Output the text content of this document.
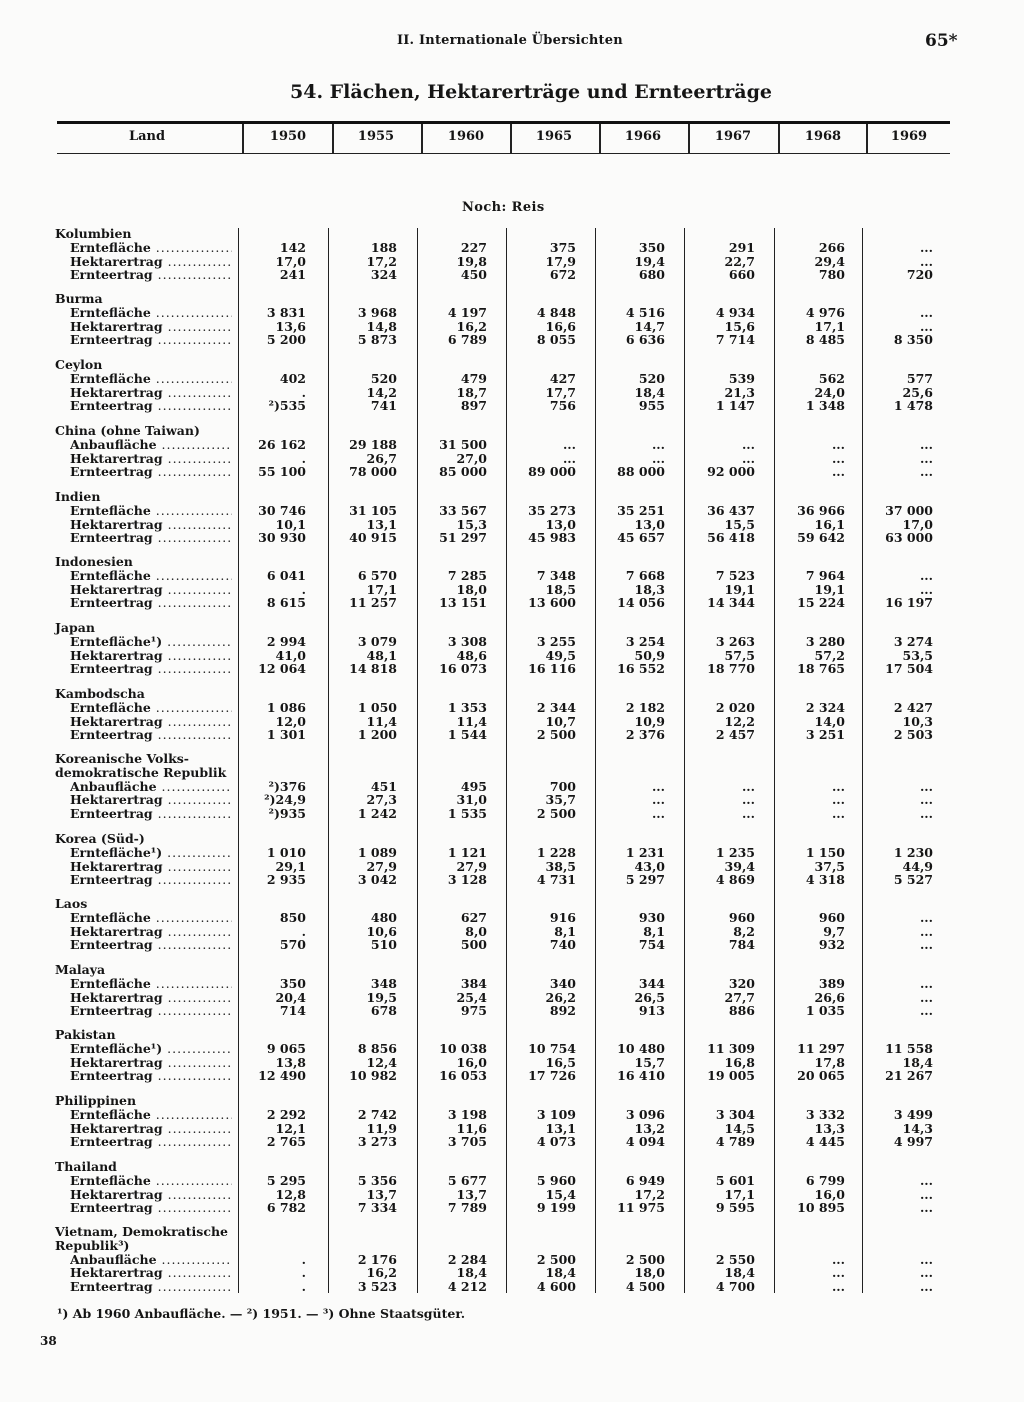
II. Internationale Übersichten	65*
54. Flächen, Hektarerträge und Ernteerträge
Land	1950	1955	1960	1965	1966	1967	1968	1969
Noch: Reis
Kolumbien
Erntefläche .....	142	188	227	375	350	291	266	...
Hektarertrag .....	17,0	17,2	19,8	17,9	19,4	22,7	29,4	...
Ernteertrag .....	241	324	450	672	680	660	780	720
Burma
Erntefläche .....	3 831	3 968	4 197	4 848	4 516	4 934	4 976	...
Hektarertrag .....	13,6	14,8	16,2	16,6	14,7	15,6	17,1	...
Ernteertrag .....	5 200	5 873	6 789	8 055	6 636	7 714	8 485	8 350
Ceylon
Erntefläche .....	402	520	479	427	520	539	562	577
Hektarertrag .....	.	14,2	18,7	17,7	18,4	21,3	24,0	25,6
Ernteertrag .....	²)535	741	897	756	955	1 147	1 348	1 478
China (ohne Taiwan)
Anbaufläche .....	26 162	29 188	31 500	...	...	...	...	...
Hektarertrag .....	.	26,7	27,0	...	...	...	...	...
Ernteertrag .....	55 100	78 000	85 000	89 000	88 000	92 000	...	...
Indien
Erntefläche .....	30 746	31 105	33 567	35 273	35 251	36 437	36 966	37 000
Hektarertrag .....	10,1	13,1	15,3	13,0	13,0	15,5	16,1	17,0
Ernteertrag .....	30 930	40 915	51 297	45 983	45 657	56 418	59 642	63 000
Indonesien
Erntefläche .....	6 041	6 570	7 285	7 348	7 668	7 523	7 964	...
Hektarertrag .....	.	17,1	18,0	18,5	18,3	19,1	19,1	...
Ernteertrag .....	8 615	11 257	13 151	13 600	14 056	14 344	15 224	16 197
Japan
Erntefläche¹) .....	2 994	3 079	3 308	3 255	3 254	3 263	3 280	3 274
Hektarertrag .....	41,0	48,1	48,6	49,5	50,9	57,5	57,2	53,5
Ernteertrag .....	12 064	14 818	16 073	16 116	16 552	18 770	18 765	17 504
Kambodscha
Erntefläche .....	1 086	1 050	1 353	2 344	2 182	2 020	2 324	2 427
Hektarertrag .....	12,0	11,4	11,4	10,7	10,9	12,2	14,0	10,3
Ernteertrag .....	1 301	1 200	1 544	2 500	2 376	2 457	3 251	2 503
Koreanische Volks-
demokratische Republik
Anbaufläche .....	²)376	451	495	700	...	...	...	...
Hektarertrag .....	²)24,9	27,3	31,0	35,7	...	...	...	...
Ernteertrag .....	²)935	1 242	1 535	2 500	...	...	...	...
Korea (Süd-)
Erntefläche¹) .....	1 010	1 089	1 121	1 228	1 231	1 235	1 150	1 230
Hektarertrag .....	29,1	27,9	27,9	38,5	43,0	39,4	37,5	44,9
Ernteertrag .....	2 935	3 042	3 128	4 731	5 297	4 869	4 318	5 527
Laos
Erntefläche .....	850	480	627	916	930	960	960	...
Hektarertrag .....	.	10,6	8,0	8,1	8,1	8,2	9,7	...
Ernteertrag .....	570	510	500	740	754	784	932	...
Malaya
Erntefläche .....	350	348	384	340	344	320	389	...
Hektarertrag .....	20,4	19,5	25,4	26,2	26,5	27,7	26,6	...
Ernteertrag .....	714	678	975	892	913	886	1 035	...
Pakistan
Erntefläche¹) .....	9 065	8 856	10 038	10 754	10 480	11 309	11 297	11 558
Hektarertrag .....	13,8	12,4	16,0	16,5	15,7	16,8	17,8	18,4
Ernteertrag .....	12 490	10 982	16 053	17 726	16 410	19 005	20 065	21 267
Philippinen
Erntefläche .....	2 292	2 742	3 198	3 109	3 096	3 304	3 332	3 499
Hektarertrag .....	12,1	11,9	11,6	13,1	13,2	14,5	13,3	14,3
Ernteertrag .....	2 765	3 273	3 705	4 073	4 094	4 789	4 445	4 997
Thailand
Erntefläche .....	5 295	5 356	5 677	5 960	6 949	5 601	6 799	...
Hektarertrag .....	12,8	13,7	13,7	15,4	17,2	17,1	16,0	...
Ernteertrag .....	6 782	7 334	7 789	9 199	11 975	9 595	10 895	...
Vietnam, Demokratische
Republik³)
Anbaufläche .....	.	2 176	2 284	2 500	2 500	2 550	...	...
Hektarertrag .....	.	16,2	18,4	18,4	18,0	18,4	...	...
Ernteertrag .....	.	3 523	4 212	4 600	4 500	4 700	...	...
¹) Ab 1960 Anbaufläche. — ²) 1951. — ³) Ohne Staatsgüter.
38
